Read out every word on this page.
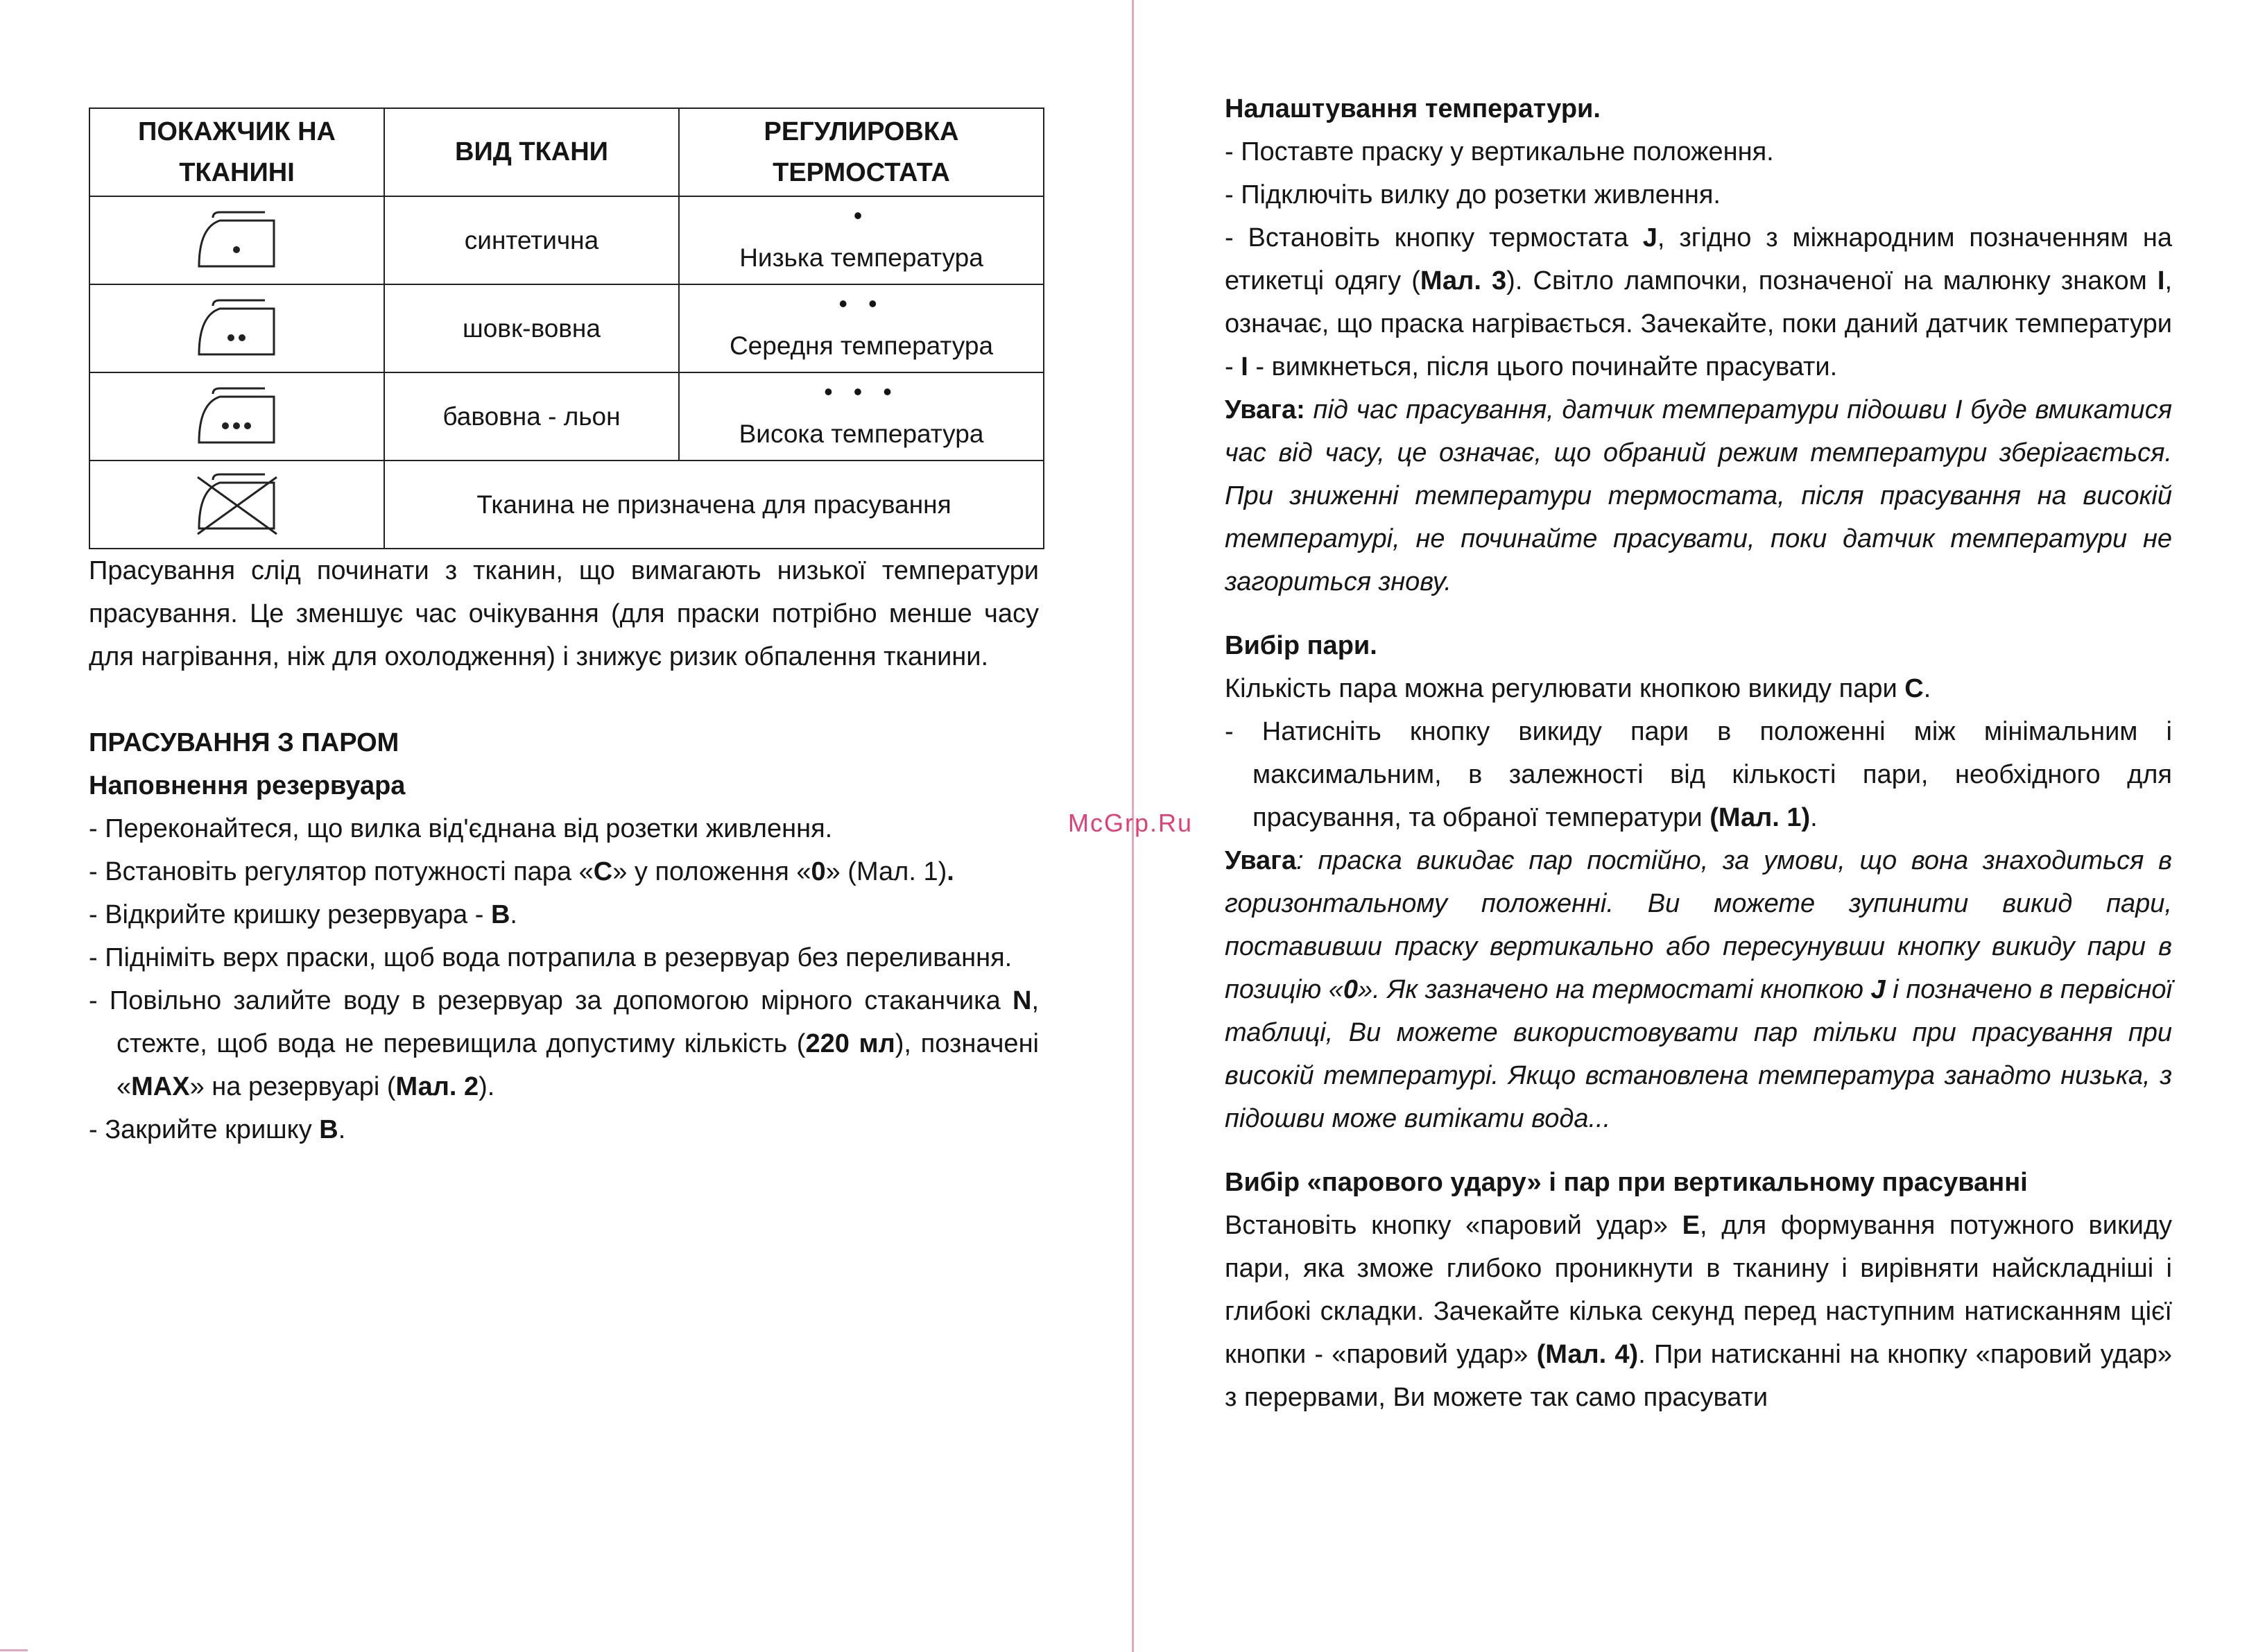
McGrp.Ru
ПОКАЖЧИК НА ТКАНИНІ	ВИД ТКАНИ	РЕГУЛИРОВКА ТЕРМОСТАТА

	синтетична	•
Низька температура

	шовк-вовна	• •
Середня температура

	бавовна - льон	• • •
Висока температура

	Тканина не призначена для прасування	

Прасування слід починати з тканин, що вимагають низької температури прасування. Це зменшує час очікування (для праски потрібно менше часу для нагрівання, ніж для охолодження) і знижує ризик обпалення тканини.

ПРАСУВАННЯ З ПАРОМ

Наповнення резервуара

- Переконайтеся, що вилка від'єднана від розетки живлення.

- Встановіть регулятор потужності пара «C» у положення «0» (Мал. 1).

- Відкрийте кришку резервуара - B.

- Підніміть верх праски, щоб вода потрапила в резервуар без переливання.

- Повільно залийте воду в резервуар за допомогою мірного стаканчика N, стежте, щоб вода не перевищила допустиму кількість (220 мл), позначені «MAX» на резервуарі (Мал. 2).

- Закрийте кришку B.

Налаштування температури.

- Поставте праску у вертикальне положення.

- Підключіть вилку до розетки живлення.

- Встановіть кнопку термостата J, згідно з міжнародним позначенням на етикетці одягу (Мал. 3). Світло лампочки, позначеної на малюнку знаком I, означає, що праска нагрівається. Зачекайте, поки даний датчик температури - I - вимкнеться, після цього починайте прасувати.

Увага: під час прасування, датчик температури підошви I буде вмикатися час від часу, це означає, що обраний режим температури зберігається. При зниженні температури термостата, після прасування на високій температурі, не починайте прасувати, поки датчик температури не загориться знову.

Вибір пари.

Кількість пара можна регулювати кнопкою викиду пари C.

- Натисніть кнопку викиду пари в положенні між мінімальним і максимальним, в залежності від кількості пари, необхідного для прасування, та обраної температури (Мал. 1).

Увага: праска викидає пар постійно, за умови, що вона знаходиться в горизонтальному положенні. Ви можете зупинити викид пари, поставивши праску вертикально або пересунувши кнопку викиду пари в позицію «0». Як зазначено на термостаті кнопкою J і позначено в первісної таблиці, Ви можете використовувати пар тільки при прасування при високій температурі. Якщо встановлена температура занадто низька, з підошви може витікати вода...

Вибір «парового удару» і пар при вертикальному прасуванні

Встановіть кнопку «паровий удар» E, для формування потужного викиду пари, яка зможе глибоко проникнути в тканину і вирівняти найскладніші і глибокі складки. Зачекайте кілька секунд перед наступним натисканням цієї кнопки - «паровий удар» (Мал. 4). При натисканні на кнопку «паровий удар» з перервами, Ви можете так само прасувати
